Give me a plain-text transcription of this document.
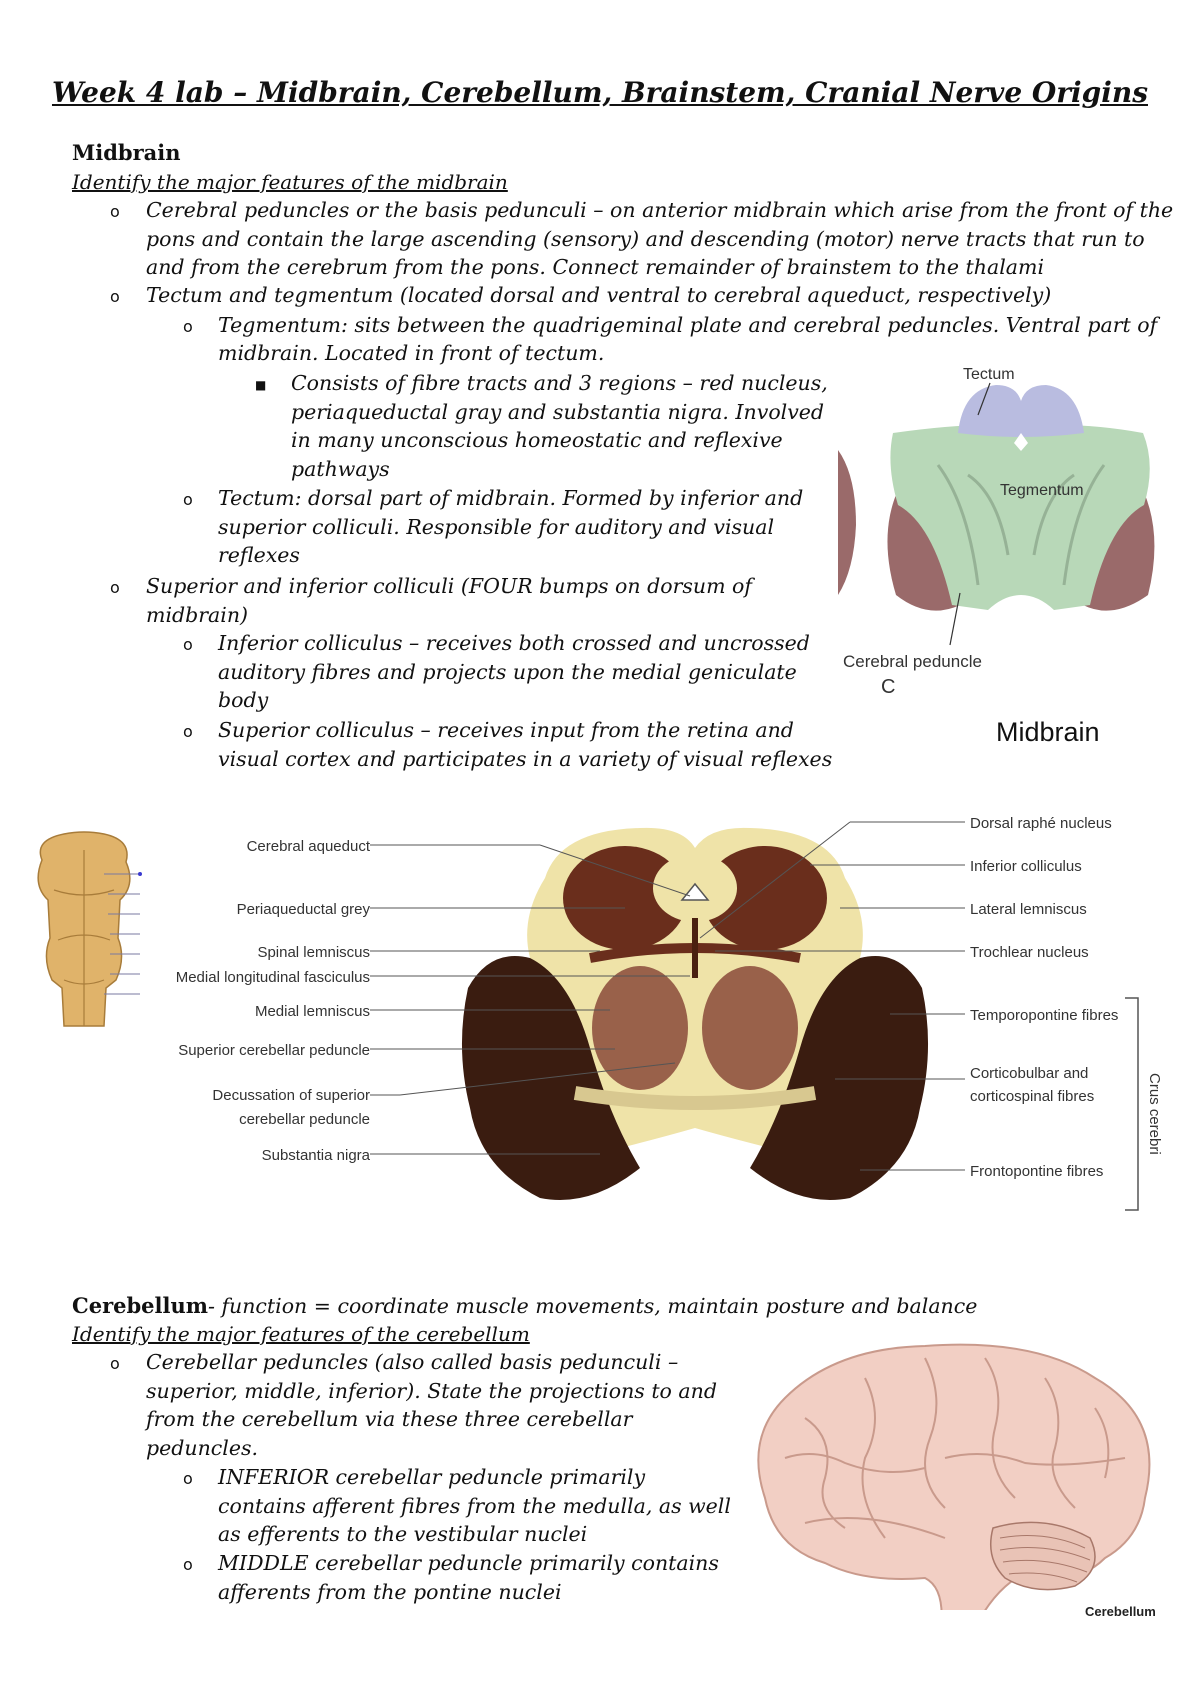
Week 4 lab – Midbrain, Cerebellum, Brainstem, Cranial Nerve Origins
Midbrain
Identify the major features of the midbrain
o
o
o
■
o
o
o
o
Cerebral peduncles or the basis pedunculi – on anterior midbrain which arise from the front of the
pons and contain the large ascending (sensory) and descending (motor) nerve tracts that run to
and from the cerebrum from the pons. Connect remainder of brainstem to the thalami
Tectum and tegmentum (located dorsal and ventral to cerebral aqueduct, respectively)
Tegmentum: sits between the quadrigeminal plate and cerebral peduncles. Ventral part of
midbrain. Located in front of tectum.
Consists of fibre tracts and 3 regions – red nucleus,
periaqueductal gray and substantia nigra. Involved
in many unconscious homeostatic and reflexive
pathways
Tectum: dorsal part of midbrain. Formed by inferior and
superior colliculi. Responsible for auditory and visual
reflexes
Superior and inferior colliculi (FOUR bumps on dorsum of
midbrain)
Inferior colliculus – receives both crossed and uncrossed
auditory fibres and projects upon the medial geniculate
body
Superior colliculus – receives input from the retina and
visual cortex and participates in a variety of visual reflexes
Tectum
Tegmentum
Cerebral peduncle
C
Midbrain
Cerebral aqueduct
Periaqueductal grey
Spinal lemniscus
Medial longitudinal fasciculus
Medial lemniscus
Superior cerebellar peduncle
Decussation of superior
cerebellar peduncle
Substantia nigra
Dorsal raphé nucleus
Inferior colliculus
Lateral lemniscus
Trochlear nucleus
Temporopontine fibres
Corticobulbar and
corticospinal fibres
Frontopontine fibres
Crus cerebri
Cerebellum- function = coordinate muscle movements, maintain posture and balance
Identify the major features of the cerebellum
o
o
o
Cerebellar peduncles (also called basis pedunculi –
superior, middle, inferior). State the projections to and
from the cerebellum via these three cerebellar
peduncles.
INFERIOR cerebellar peduncle primarily
contains afferent fibres from the medulla, as well
as efferents to the vestibular nuclei
MIDDLE cerebellar peduncle primarily contains
afferents from the pontine nuclei
Cerebellum
